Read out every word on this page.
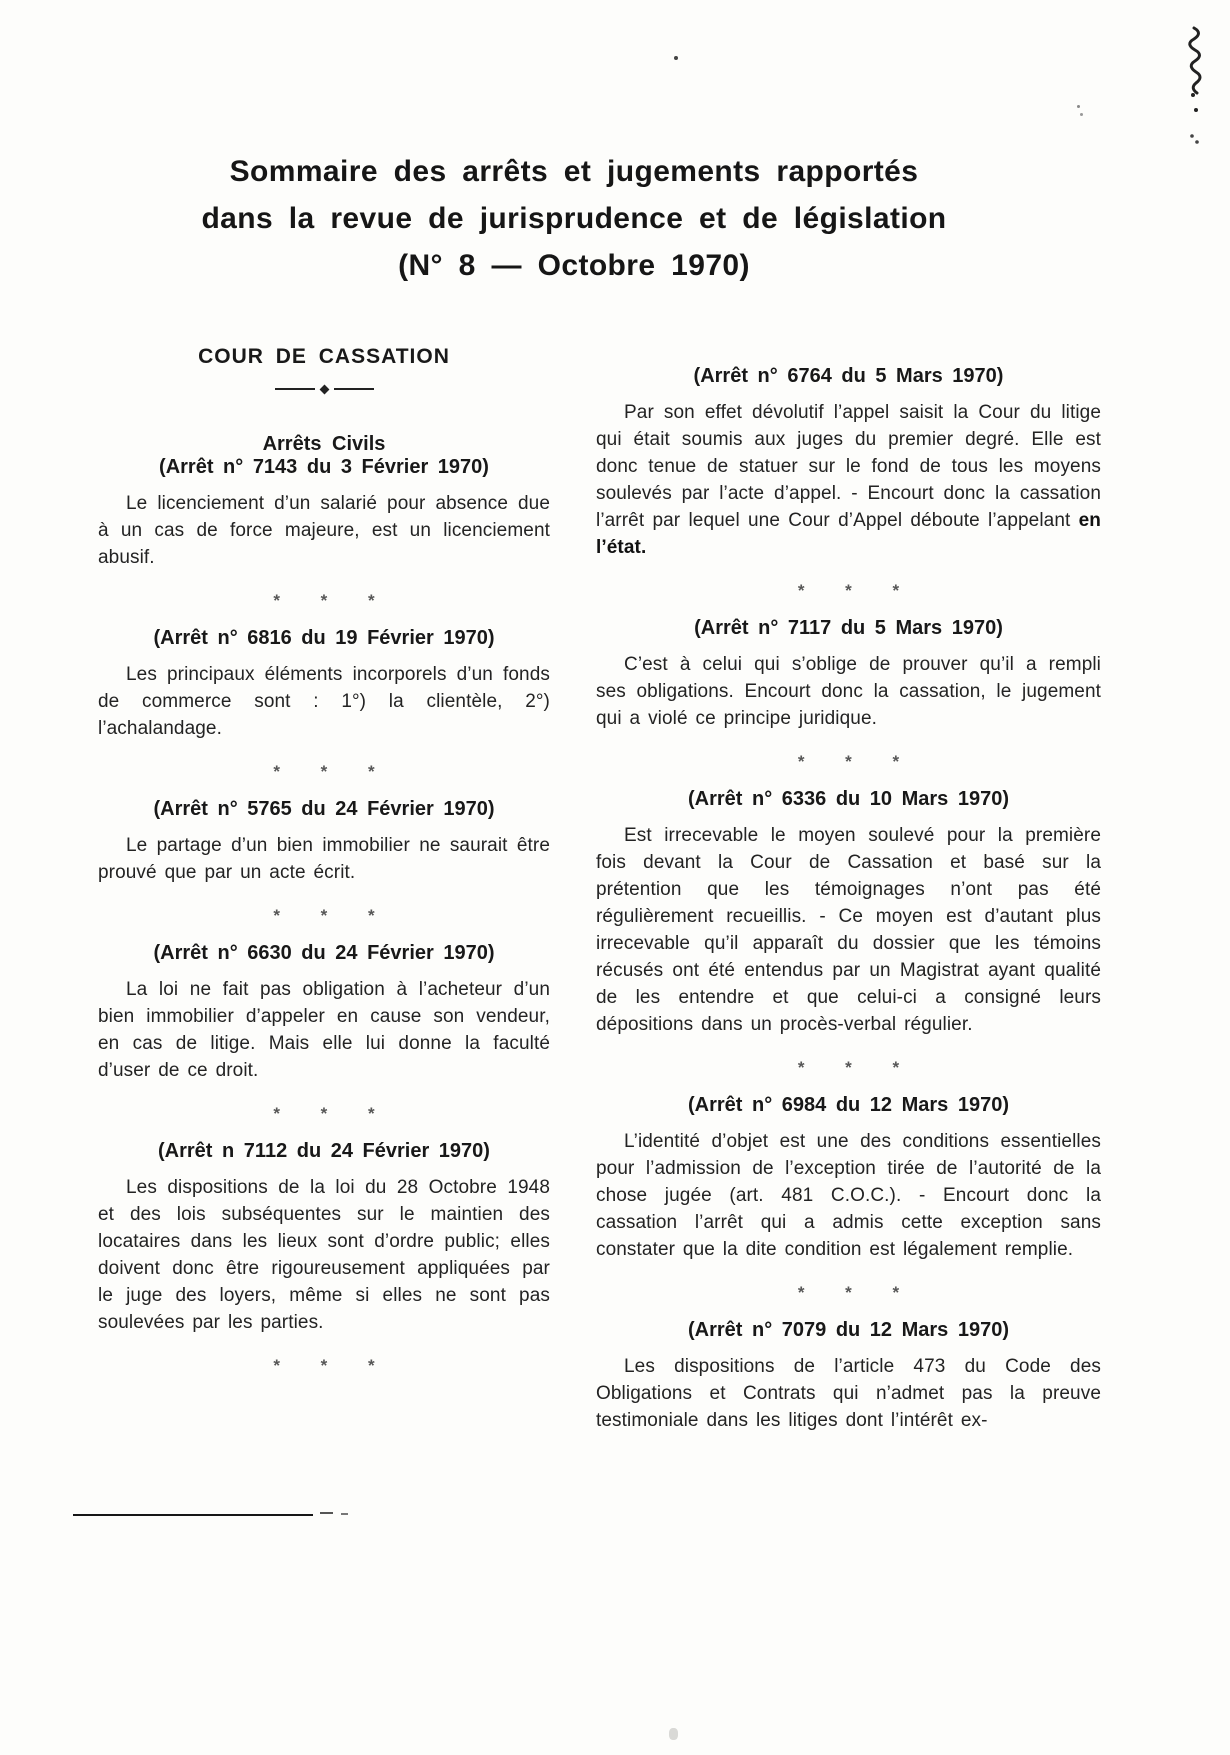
Sommaire des arrêts et jugements rapportés
dans la revue de jurisprudence et de législation
(N° 8 — Octobre 1970)
COUR DE CASSATION
Arrêts Civils
(Arrêt n° 7143 du 3 Février 1970)

Le licenciement d’un salarié pour absence due à un cas de force majeure, est un licenciement abusif.

* * *
(Arrêt n° 6816 du 19 Février 1970)

Les principaux éléments incorporels d’un fonds de commerce sont : 1°) la clientèle, 2°) l’achalandage.

* * *
(Arrêt n° 5765 du 24 Février 1970)

Le partage d’un bien immobilier ne saurait être prouvé que par un acte écrit.

* * *
(Arrêt n° 6630 du 24 Février 1970)

La loi ne fait pas obligation à l’acheteur d’un bien immobilier d’appeler en cause son vendeur, en cas de litige. Mais elle lui donne la faculté d’user de ce droit.

* * *
(Arrêt n 7112 du 24 Février 1970)

Les dispositions de la loi du 28 Octobre 1948 et des lois subséquentes sur le maintien des locataires dans les lieux sont d’ordre public; elles doivent donc être rigoureusement appliquées par le juge des loyers, même si elles ne sont pas soulevées par les parties.

* * *
(Arrêt n° 6764 du 5 Mars 1970)

Par son effet dévolutif l’appel saisit la Cour du litige qui était soumis aux juges du premier degré. Elle est donc tenue de statuer sur le fond de tous les moyens soulevés par l’acte d’appel. - Encourt donc la cassation l’arrêt par lequel une Cour d’Appel déboute l’appelant en l’état.

* * *
(Arrêt n° 7117 du 5 Mars 1970)

C’est à celui qui s’oblige de prouver qu’il a rempli ses obligations. Encourt donc la cassation, le jugement qui a violé ce principe juridique.

* * *
(Arrêt n° 6336 du 10 Mars 1970)

Est irrecevable le moyen soulevé pour la première fois devant la Cour de Cassation et basé sur la prétention que les témoignages n’ont pas été régulièrement recueillis. - Ce moyen est d’autant plus irrecevable qu’il apparaît du dossier que les témoins récusés ont été entendus par un Magistrat ayant qualité de les entendre et que celui-ci a consigné leurs dépositions dans un procès-verbal régulier.

* * *
(Arrêt n° 6984 du 12 Mars 1970)

L’identité d’objet est une des conditions essentielles pour l’admission de l’exception tirée de l’autorité de la chose jugée (art. 481 C.O.C.). - Encourt donc la cassation l’arrêt qui a admis cette exception sans constater que la dite condition est légalement remplie.

* * *
(Arrêt n° 7079 du 12 Mars 1970)

Les dispositions de l’article 473 du Code des Obligations et Contrats qui n’admet pas la preuve testimoniale dans les litiges dont l’intérêt ex-
